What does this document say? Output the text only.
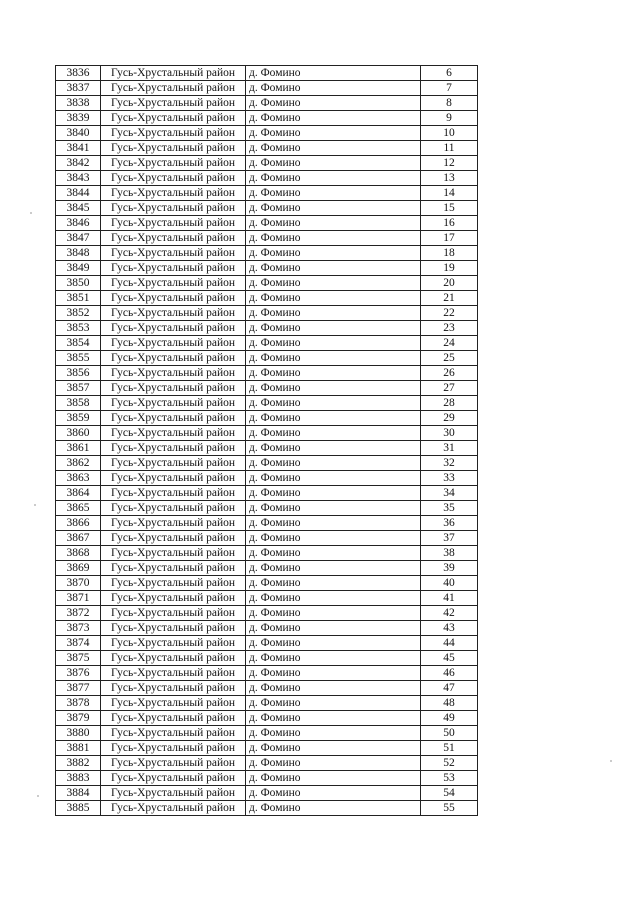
3836	Гусь-Хрустальный район	д. Фомино	6
3837	Гусь-Хрустальный район	д. Фомино	7
3838	Гусь-Хрустальный район	д. Фомино	8
3839	Гусь-Хрустальный район	д. Фомино	9
3840	Гусь-Хрустальный район	д. Фомино	10
3841	Гусь-Хрустальный район	д. Фомино	11
3842	Гусь-Хрустальный район	д. Фомино	12
3843	Гусь-Хрустальный район	д. Фомино	13
3844	Гусь-Хрустальный район	д. Фомино	14
3845	Гусь-Хрустальный район	д. Фомино	15
3846	Гусь-Хрустальный район	д. Фомино	16
3847	Гусь-Хрустальный район	д. Фомино	17
3848	Гусь-Хрустальный район	д. Фомино	18
3849	Гусь-Хрустальный район	д. Фомино	19
3850	Гусь-Хрустальный район	д. Фомино	20
3851	Гусь-Хрустальный район	д. Фомино	21
3852	Гусь-Хрустальный район	д. Фомино	22
3853	Гусь-Хрустальный район	д. Фомино	23
3854	Гусь-Хрустальный район	д. Фомино	24
3855	Гусь-Хрустальный район	д. Фомино	25
3856	Гусь-Хрустальный район	д. Фомино	26
3857	Гусь-Хрустальный район	д. Фомино	27
3858	Гусь-Хрустальный район	д. Фомино	28
3859	Гусь-Хрустальный район	д. Фомино	29
3860	Гусь-Хрустальный район	д. Фомино	30
3861	Гусь-Хрустальный район	д. Фомино	31
3862	Гусь-Хрустальный район	д. Фомино	32
3863	Гусь-Хрустальный район	д. Фомино	33
3864	Гусь-Хрустальный район	д. Фомино	34
3865	Гусь-Хрустальный район	д. Фомино	35
3866	Гусь-Хрустальный район	д. Фомино	36
3867	Гусь-Хрустальный район	д. Фомино	37
3868	Гусь-Хрустальный район	д. Фомино	38
3869	Гусь-Хрустальный район	д. Фомино	39
3870	Гусь-Хрустальный район	д. Фомино	40
3871	Гусь-Хрустальный район	д. Фомино	41
3872	Гусь-Хрустальный район	д. Фомино	42
3873	Гусь-Хрустальный район	д. Фомино	43
3874	Гусь-Хрустальный район	д. Фомино	44
3875	Гусь-Хрустальный район	д. Фомино	45
3876	Гусь-Хрустальный район	д. Фомино	46
3877	Гусь-Хрустальный район	д. Фомино	47
3878	Гусь-Хрустальный район	д. Фомино	48
3879	Гусь-Хрустальный район	д. Фомино	49
3880	Гусь-Хрустальный район	д. Фомино	50
3881	Гусь-Хрустальный район	д. Фомино	51
3882	Гусь-Хрустальный район	д. Фомино	52
3883	Гусь-Хрустальный район	д. Фомино	53
3884	Гусь-Хрустальный район	д. Фомино	54
3885	Гусь-Хрустальный район	д. Фомино	55
